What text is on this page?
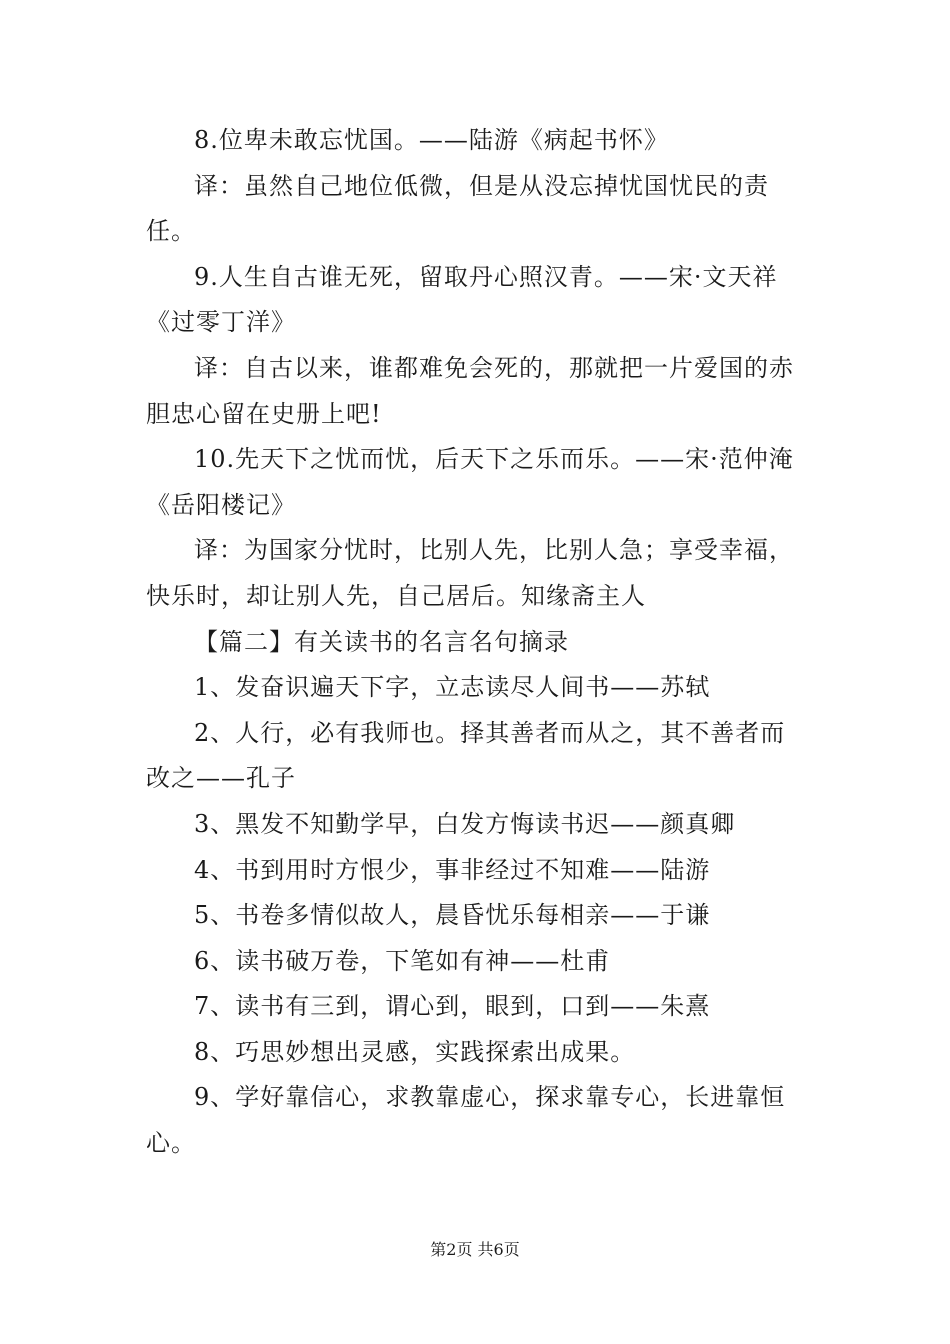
8.位卑未敢忘忧国。——陆游《病起书怀》

译：虽然自己地位低微，但是从没忘掉忧国忧民的责任。

9.人生自古谁无死，留取丹心照汉青。——宋·文天祥《过零丁洋》

译：自古以来，谁都难免会死的，那就把一片爱国的赤胆忠心留在史册上吧!

10.先天下之忧而忧，后天下之乐而乐。——宋·范仲淹《岳阳楼记》

译：为国家分忧时，比别人先，比别人急；享受幸福，快乐时，却让别人先，自己居后。知缘斋主人

【篇二】有关读书的名言名句摘录

1、发奋识遍天下字，立志读尽人间书——苏轼

2、人行，必有我师也。择其善者而从之，其不善者而改之——孔子

3、黑发不知勤学早，白发方悔读书迟——颜真卿

4、书到用时方恨少，事非经过不知难——陆游

5、书卷多情似故人，晨昏忧乐每相亲——于谦

6、读书破万卷，下笔如有神——杜甫

7、读书有三到，谓心到，眼到，口到——朱熹

8、巧思妙想出灵感，实践探索出成果。

9、学好靠信心，求教靠虚心，探求靠专心，长进靠恒心。

第2页 共6页
